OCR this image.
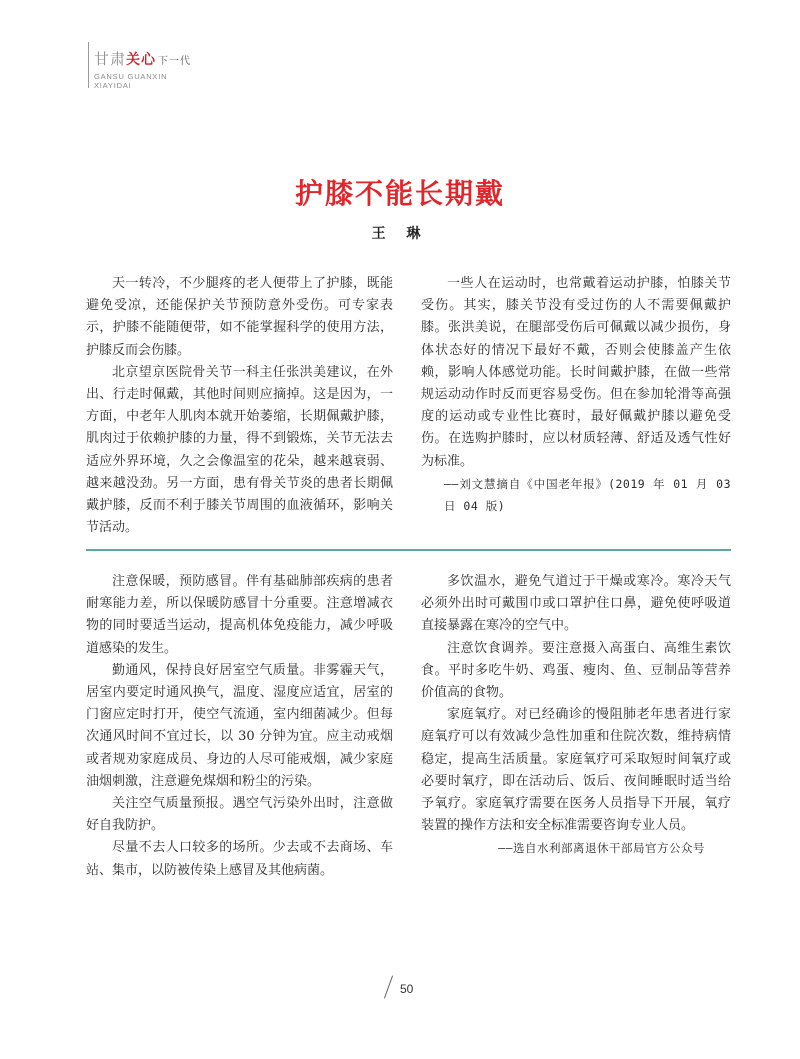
甘肃关心 下一代
GANSU GUANXIN
XIAYIDAI
护膝不能长期戴
王 琳

天一转冷，不少腿疼的老人便带上了护膝，既能避免受凉，还能保护关节预防意外受伤。可专家表示，护膝不能随便带，如不能掌握科学的使用方法，护膝反而会伤膝。

北京望京医院骨关节一科主任张洪美建议，在外出、行走时佩戴，其他时间则应摘掉。这是因为，一方面，中老年人肌肉本就开始萎缩，长期佩戴护膝，肌肉过于依赖护膝的力量，得不到锻炼，关节无法去适应外界环境，久之会像温室的花朵，越来越衰弱、越来越没劲。另一方面，患有骨关节炎的患者长期佩戴护膝，反而不利于膝关节周围的血液循环，影响关节活动。

一些人在运动时，也常戴着运动护膝，怕膝关节受伤。其实，膝关节没有受过伤的人不需要佩戴护膝。张洪美说，在腿部受伤后可佩戴以减少损伤，身体状态好的情况下最好不戴，否则会使膝盖产生依赖，影响人体感觉功能。长时间戴护膝，在做一些常规运动动作时反而更容易受伤。但在参加轮滑等高强度的运动或专业性比赛时，最好佩戴护膝以避免受伤。在选购护膝时，应以材质轻薄、舒适及透气性好为标准。

——刘文慧摘自《中国老年报》(2019 年 01 月 03 日 04 版)

注意保暖，预防感冒。伴有基础肺部疾病的患者耐寒能力差，所以保暖防感冒十分重要。注意增减衣物的同时要适当运动，提高机体免疫能力，减少呼吸道感染的发生。

勤通风，保持良好居室空气质量。非雾霾天气，居室内要定时通风换气，温度、湿度应适宜，居室的门窗应定时打开，使空气流通，室内细菌减少。但每次通风时间不宜过长，以 30 分钟为宜。应主动戒烟或者规劝家庭成员、身边的人尽可能戒烟，减少家庭油烟刺激，注意避免煤烟和粉尘的污染。

关注空气质量预报。遇空气污染外出时，注意做好自我防护。

尽量不去人口较多的场所。少去或不去商场、车站、集市，以防被传染上感冒及其他病菌。

多饮温水，避免气道过于干燥或寒冷。寒冷天气必须外出时可戴围巾或口罩护住口鼻，避免使呼吸道直接暴露在寒冷的空气中。

注意饮食调养。要注意摄入高蛋白、高维生素饮食。平时多吃牛奶、鸡蛋、瘦肉、鱼、豆制品等营养价值高的食物。

家庭氧疗。对已经确诊的慢阻肺老年患者进行家庭氧疗可以有效减少急性加重和住院次数，维持病情稳定，提高生活质量。家庭氧疗可采取短时间氧疗或必要时氧疗，即在活动后、饭后、夜间睡眠时适当给予氧疗。家庭氧疗需要在医务人员指导下开展，氧疗装置的操作方法和安全标准需要咨询专业人员。

——选自水利部离退休干部局官方公众号

50
